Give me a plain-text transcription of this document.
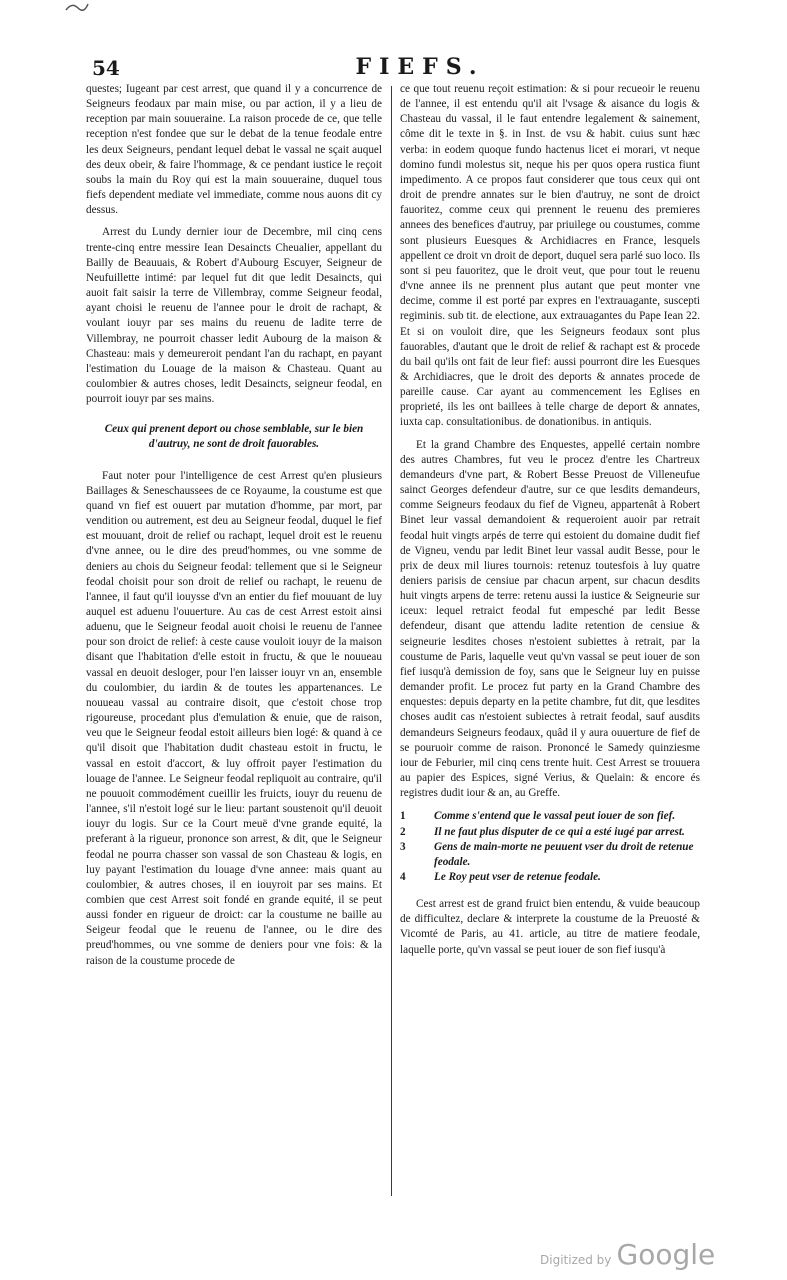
54	FIEFS.

questes; Iugeant par cest arrest, que quand il y a concurrence de Seigneurs feodaux par main mise, ou par action, il y a lieu de reception par main souueraine. La raison procede de ce, que telle reception n'est fondee que sur le debat de la tenue feodale entre les deux Seigneurs, pendant lequel debat le vassal ne sçait auquel des deux obeir, & faire l'hommage, & ce pendant iustice le reçoit soubs la main du Roy qui est la main souueraine, duquel tous fiefs dependent mediate vel immediate, comme nous auons dit cy dessus.

Arrest du Lundy dernier iour de Decembre, mil cinq cens trente-cinq entre messire Iean Desaincts Cheualier, appellant du Bailly de Beauuais, & Robert d'Aubourg Escuyer, Seigneur de Neufuillette intimé: par lequel fut dit que ledit Desaincts, qui auoit fait saisir la terre de Villembray, comme Seigneur feodal, ayant choisi le reuenu de l'annee pour le droit de rachapt, & voulant iouyr par ses mains du reuenu de ladite terre de Villembray, ne pourroit chasser ledit Aubourg de la maison & Chasteau: mais y demeureroit pendant l'an du rachapt, en payant l'estimation du Louage de la maison & Chasteau. Quant au coulombier & autres choses, ledit Desaincts, seigneur feodal, en pourroit iouyr par ses mains.

Ceux qui prenent deport ou chose semblable, sur le bien d'autruy, ne sont de droit fauorables.

Faut noter pour l'intelligence de cest Arrest qu'en plusieurs Baillages & Seneschaussees de ce Royaume, la coustume est que quand vn fief est ouuert par mutation d'homme, par mort, par vendition ou autrement, est deu au Seigneur feodal, duquel le fief est mouuant, droit de relief ou rachapt, lequel droit est le reuenu d'vne annee, ou le dire des preud'hommes, ou vne somme de deniers au chois du Seigneur feodal: tellement que si le Seigneur feodal choisit pour son droit de relief ou rachapt, le reuenu de l'annee, il faut qu'il iouysse d'vn an entier du fief mouuant de luy auquel est aduenu l'ouuerture. Au cas de cest Arrest estoit ainsi aduenu, que le Seigneur feodal auoit choisi le reuenu de l'annee pour son droict de relief: à ceste cause vouloit iouyr de la maison disant que l'habitation d'elle estoit in fructu, & que le nouueau vassal en deuoit desloger, pour l'en laisser iouyr vn an, ensemble du coulombier, du iardin & de toutes les appartenances. Le nouueau vassal au contraire disoit, que c'estoit chose trop rigoureuse, procedant plus d'emulation & enuie, que de raison, veu que le Seigneur feodal estoit ailleurs bien logé: & quand à ce qu'il disoit que l'habitation dudit chasteau estoit in fructu, le vassal en estoit d'accort, & luy offroit payer l'estimation du louage de l'annee. Le Seigneur feodal repliquoit au contraire, qu'il ne pouuoit commodément cueillir les fruicts, iouyr du reuenu de l'annee, s'il n'estoit logé sur le lieu: partant soustenoit qu'il deuoit iouyr du logis. Sur ce la Court meuë d'vne grande equité, la preferant à la rigueur, prononce son arrest, & dit, que le Seigneur feodal ne pourra chasser son vassal de son Chasteau & logis, en luy payant l'estimation du louage d'vne annee: mais quant au coulombier, & autres choses, il en iouyroit par ses mains. Et combien que cest Arrest soit fondé en grande equité, il se peut aussi fonder en rigueur de droict: car la coustume ne baille au Seigeur feodal que le reuenu de l'annee, ou le dire des preud'hommes, ou vne somme de deniers pour vne fois: & la raison de la coustume procede de

ce que tout reuenu reçoit estimation: & si pour recueoir le reuenu de l'annee, il est entendu qu'il ait l'vsage & aisance du logis & Chasteau du vassal, il le faut entendre legalement & sainement, côme dit le texte in §. in Inst. de vsu & habit. cuius sunt hæc verba: in eodem quoque fundo hactenus licet ei morari, vt neque domino fundi molestus sit, neque his per quos opera rustica fiunt impedimento. A ce propos faut considerer que tous ceux qui ont droit de prendre annates sur le bien d'autruy, ne sont de droict fauoritez, comme ceux qui prennent le reuenu des premieres annees des benefices d'autruy, par priuilege ou coustumes, comme sont plusieurs Euesques & Archidiacres en France, lesquels appellent ce droit vn droit de deport, duquel sera parlé suo loco. Ils sont si peu fauoritez, que le droit veut, que pour tout le reuenu d'vne annee ils ne prennent plus autant que peut monter vne decime, comme il est porté par expres en l'extrauagante, suscepti regiminis. sub tit. de electione, aux extrauagantes du Pape Iean 22. Et si on vouloit dire, que les Seigneurs feodaux sont plus fauorables, d'autant que le droit de relief & rachapt est & procede du bail qu'ils ont fait de leur fief: aussi pourront dire les Euesques & Archidiacres, que le droit des deports & annates procede de pareille cause. Car ayant au commencement les Eglises en proprieté, ils les ont baillees à telle charge de deport & annates, iuxta cap. consultationibus. de donationibus. in antiquis.

Et la grand Chambre des Enquestes, appellé certain nombre des autres Chambres, fut veu le procez d'entre les Chartreux demandeurs d'vne part, & Robert Besse Preuost de Villeneufue sainct Georges defendeur d'autre, sur ce que lesdits demandeurs, comme Seigneurs feodaux du fief de Vigneu, appartenât à Robert Binet leur vassal demandoient & requeroient auoir par retrait feodal huit vingts arpés de terre qui estoient du domaine dudit fief de Vigneu, vendu par ledit Binet leur vassal audit Besse, pour le prix de deux mil liures tournois: retenuz toutesfois à luy quatre deniers parisis de censiue par chacun arpent, sur chacun desdits huit vingts arpens de terre: retenu aussi la iustice & Seigneurie sur iceux: lequel retraict feodal fut empesché par ledit Besse defendeur, disant que attendu ladite retention de censiue & seigneurie lesdites choses n'estoient subiettes à retrait, par la coustume de Paris, laquelle veut qu'vn vassal se peut iouer de son fief iusqu'à demission de foy, sans que le Seigneur luy en puisse demander profit. Le procez fut party en la Grand Chambre des enquestes: depuis departy en la petite chambre, fut dit, que lesdites choses audit cas n'estoient subiectes à retrait feodal, sauf ausdits demandeurs Seigneurs feodaux, quâd il y aura ouuerture de fief de se pouruoir comme de raison. Prononcé le Samedy quinziesme iour de Feburier, mil cinq cens trente huit. Cest Arrest se trouuera au papier des Espices, signé Verius, & Quelain: & encore és registres dudit iour & an, au Greffe.

1	Comme s'entend que le vassal peut iouer de son fief.
2	Il ne faut plus disputer de ce qui a esté iugé par arrest.
3	Gens de main-morte ne peuuent vser du droit de retenue feodale.
4	Le Roy peut vser de retenue feodale.

Cest arrest est de grand fruict bien entendu, & vuide beaucoup de difficultez, declare & interprete la coustume de la Preuosté & Vicomté de Paris, au 41. article, au titre de matiere feodale, laquelle porte, qu'vn vassal se peut iouer de son fief iusqu'à

Digitized by Google
